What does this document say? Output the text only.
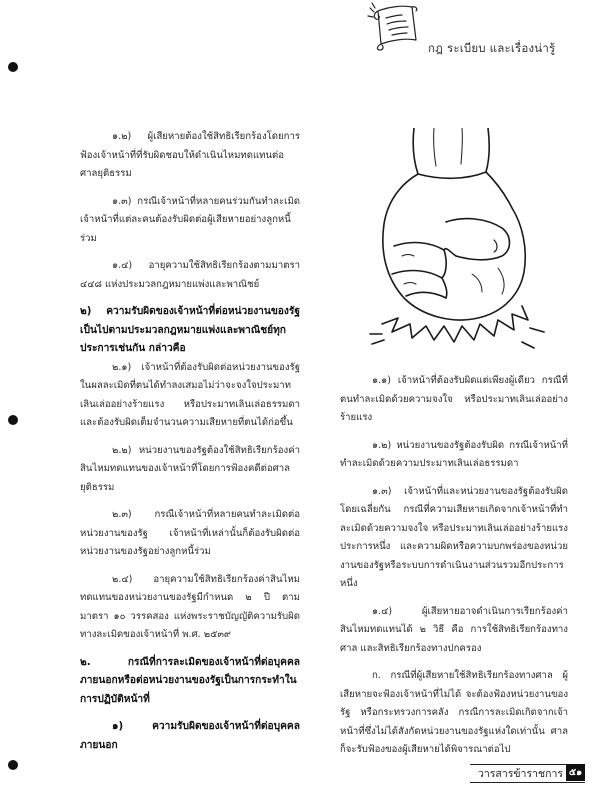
กฎ ระเบียบ และเรื่องน่ารู้

๑.๒) ผู้เสียหายต้องใช้สิทธิเรียกร้องโดยการฟ้องเจ้าหน้าที่ที่รับผิดชอบให้ดำเนินไหมทดแทนต่อศาลยุติธรรม

๑.๓) กรณีเจ้าหน้าที่หลายคนร่วมกันทำละเมิด เจ้าหน้าที่แต่ละคนต้องรับผิดต่อผู้เสียหายอย่างลูกหนี้ร่วม

๑.๔) อายุความใช้สิทธิเรียกร้องตามมาตรา ๔๔๘ แห่งประมวลกฎหมายแพ่งและพาณิชย์

๒) ความรับผิดของเจ้าหน้าที่ต่อหน่วยงานของรัฐเป็นไปตามประมวลกฎหมายแพ่งและพาณิชย์ทุกประการเช่นกัน กล่าวคือ

๒.๑) เจ้าหน้าที่ต้องรับผิดต่อหน่วยงานของรัฐในผลละเมิดที่ตนได้ทำลงเสมอไม่ว่าจะจงใจประมาทเลินเล่ออย่างร้ายแรง หรือประมาทเลินเล่อธรรมดา และต้องรับผิดเต็มจำนวนความเสียหายที่ตนได้ก่อขึ้น

๒.๒) หน่วยงานของรัฐต้องใช้สิทธิเรียกร้องค่าสินไหมทดแทนของเจ้าหน้าที่โดยการฟ้องคดีต่อศาลยุติธรรม

๒.๓) กรณีเจ้าหน้าที่หลายคนทำละเมิดต่อหน่วยงานของรัฐ เจ้าหน้าที่เหล่านั้นก็ต้องรับผิดต่อหน่วยงานของรัฐอย่างลูกหนี้ร่วม

๒.๔) อายุความใช้สิทธิเรียกร้องค่าสินไหมทดแทนของหน่วยงานของรัฐมีกำหนด ๒ ปี ตามมาตรา ๑๐ วรรคสอง แห่งพระราชบัญญัติความรับผิดทางละเมิดของเจ้าหน้าที่ พ.ศ. ๒๕๓๙

๒. กรณีที่การละเมิดของเจ้าหน้าที่ต่อบุคคลภายนอกหรือต่อหน่วยงานของรัฐเป็นการกระทำในการปฏิบัติหน้าที่

๑) ความรับผิดของเจ้าหน้าที่ต่อบุคคลภายนอก

๑.๑) เจ้าหน้าที่ต้องรับผิดแต่เพียงผู้เดียว กรณีที่ตนทำละเมิดด้วยความจงใจ หรือประมาทเลินเล่ออย่างร้ายแรง

๑.๒) หน่วยงานของรัฐต้องรับผิด กรณีเจ้าหน้าที่ทำละเมิดด้วยความประมาทเลินเล่อธรรมดา

๑.๓) เจ้าหน้าที่และหน่วยงานของรัฐต้องรับผิดโดยเฉลี่ยกัน กรณีที่ความเสียหายเกิดจากเจ้าหน้าที่ทำละเมิดด้วยความจงใจ หรือประมาทเลินเล่ออย่างร้ายแรงประการหนึ่ง และความผิดหรือความบกพร่องของหน่วยงานของรัฐหรือระบบการดำเนินงานส่วนรวมอีกประการหนึ่ง

๑.๔) ผู้เสียหายอาจดำเนินการเรียกร้องค่าสินไหมทดแทนได้ ๒ วิธี คือ การใช้สิทธิเรียกร้องทางศาล และสิทธิเรียกร้องทางปกครอง

ก. กรณีที่ผู้เสียหายใช้สิทธิเรียกร้องทางศาล ผู้เสียหายจะฟ้องเจ้าหน้าที่ไม่ได้ จะต้องฟ้องหน่วยงานของรัฐ หรือกระทรวงการคลัง กรณีการละเมิดเกิดจากเจ้าหน้าที่ซึ่งไม่ได้สังกัดหน่วยงานของรัฐแห่งใดเท่านั้น ศาลก็จะรับฟ้องของผู้เสียหายได้พิจารณาต่อไป

วารสารข้าราชการ ๕๑
